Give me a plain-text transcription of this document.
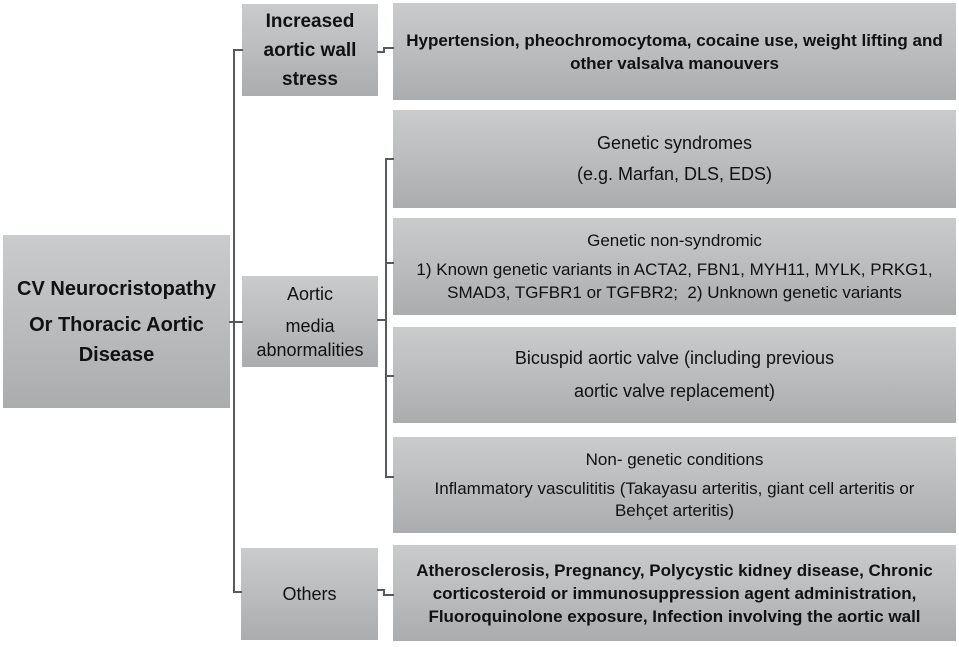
CV Neurocristopathy
Or Thoracic Aortic
Disease
Increased
aortic wall
stress
Aortic
media
abnormalities
Others
Hypertension, pheochromocytoma, cocaine use, weight lifting and
other valsalva manouvers
Genetic syndromes
(e.g. Marfan, DLS, EDS)
Genetic non-syndromic
1) Known genetic variants in ACTA2, FBN1, MYH11, MYLK, PRKG1,
SMAD3, TGFBR1 or TGFBR2;  2) Unknown genetic variants
Bicuspid aortic valve (including previous
aortic valve replacement)
Non- genetic conditions
Inflammatory vasculititis (Takayasu arteritis, giant cell arteritis or
Behçet arteritis)
Atherosclerosis, Pregnancy, Polycystic kidney disease, Chronic
corticosteroid or immunosuppression agent administration,
Fluoroquinolone exposure, Infection involving the aortic wall
